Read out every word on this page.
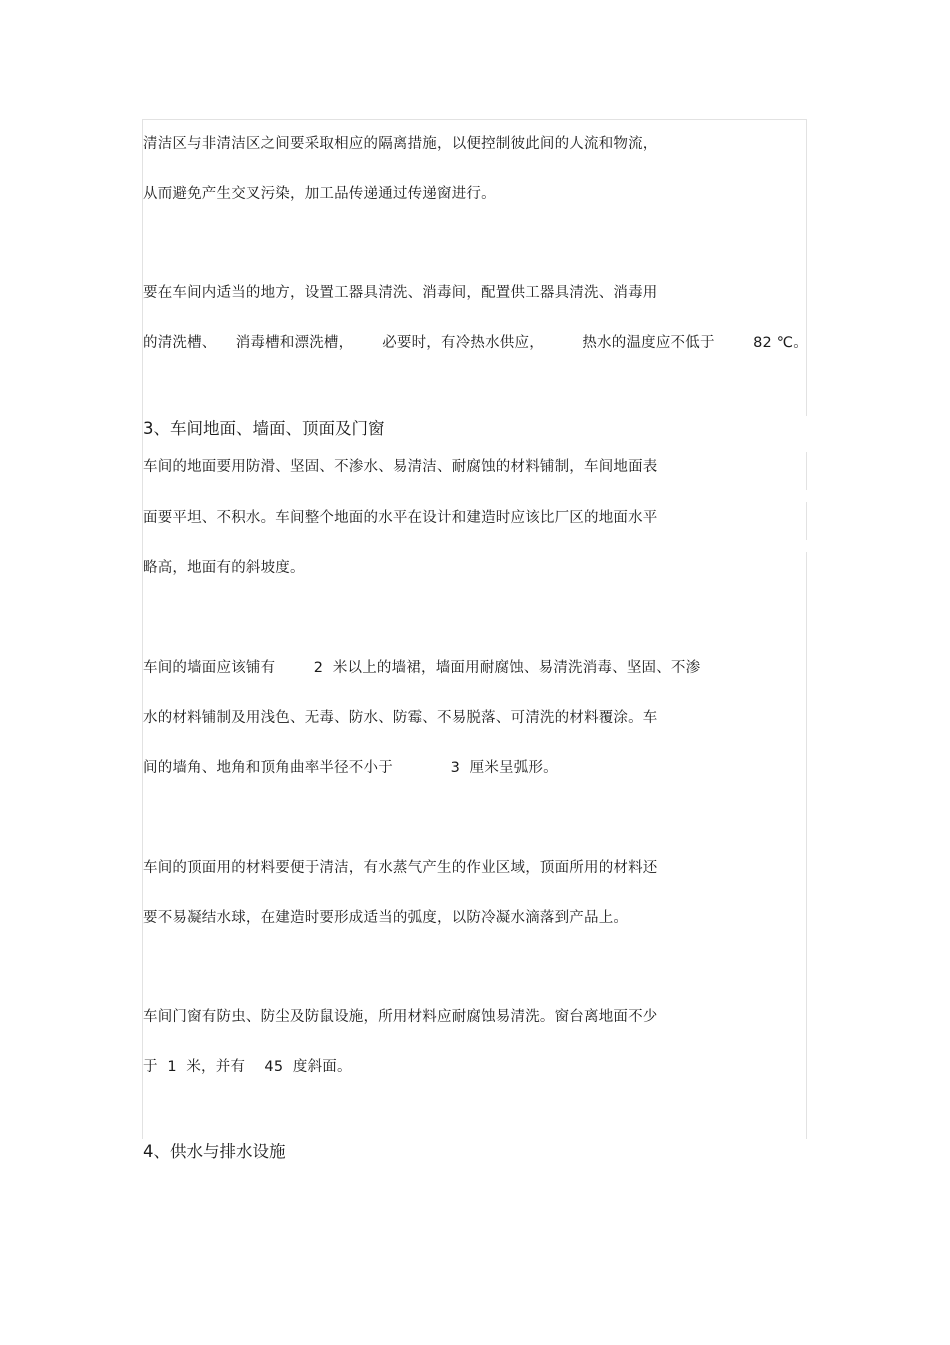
清洁区与非清洁区之间要采取相应的隔离措施，以便控制彼此间的人流和物流，
从而避免产生交叉污染，加工品传递通过传递窗进行。
要在车间内适当的地方，设置工器具清洗、消毒间，配置供工器具清洗、消毒用
的清洗槽、    消毒槽和漂洗槽，      必要时，有冷热水供应，        热水的温度应不低于        82 ℃。
3、车间地面、墙面、顶面及门窗
车间的地面要用防滑、坚固、不渗水、易清洁、耐腐蚀的材料铺制，车间地面表
面要平坦、不积水。车间整个地面的水平在设计和建造时应该比厂区的地面水平
略高，地面有的斜坡度。
车间的墙面应该铺有        2  米以上的墙裙，墙面用耐腐蚀、易清洗消毒、坚固、不渗
水的材料铺制及用浅色、无毒、防水、防霉、不易脱落、可清洗的材料覆涂。车
间的墙角、地角和顶角曲率半径不小于            3  厘米呈弧形。
车间的顶面用的材料要便于清洁，有水蒸气产生的作业区域，顶面所用的材料还
要不易凝结水球，在建造时要形成适当的弧度，以防冷凝水滴落到产品上。
车间门窗有防虫、防尘及防鼠设施，所用材料应耐腐蚀易清洗。窗台离地面不少
于  1  米，并有    45  度斜面。
4、供水与排水设施
